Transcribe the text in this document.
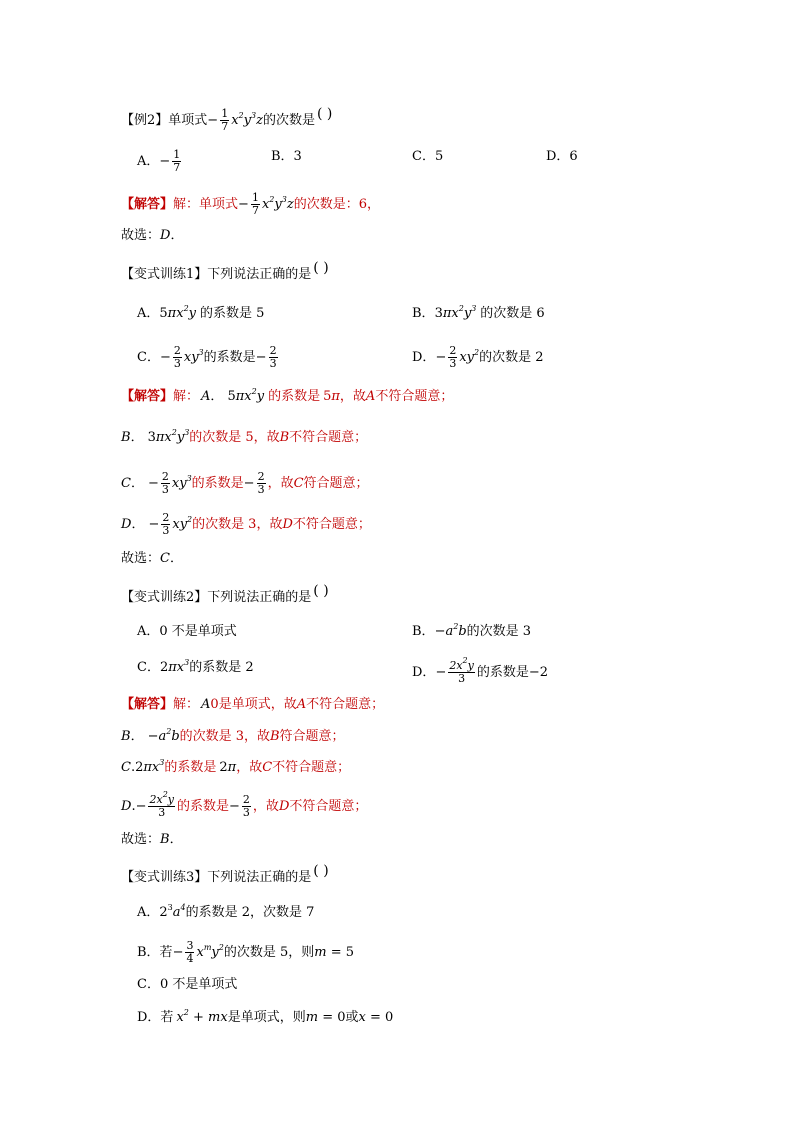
【例2】单项式 − $\frac{1}{7} x^2y^3z$ 的次数是 ( )
A． − $\frac{1}{7}$	B．3	C．5	D．6
【解答】 解：单项式 − $\frac{1}{7} x^2y^3z$ 的次数是：6，
故选： D ．
【变式训练1】下列说法正确的是 ( )
A． $5\pi x^2y$ 的系数是 5	B． $3\pi x^2y^3$ 的次数是 6
C． − $\frac{2}{3} xy^3$ 的系数是 − $\frac{2}{3}$	D． − $\frac{2}{3} xy^2$ 的次数是 2
【解答】 解： A ． $5\pi x^2y$ 的系数是 5π ，故 A 不符合题意；
B ． $3\pi x^2y^3$ 的次数是 5 ，故 B 不符合题意；
C ． − $\frac{2}{3} xy^3$ 的系数是 − $\frac{2}{3}$ ，故 C 符合题意；
D ． − $\frac{2}{3} xy^2$ 的次数是 3 ，故 D 不符合题意；
故选： C ．
【变式训练2】下列说法正确的是 ( )
A．0 不是单项式	B． $-a^2b$ 的次数是 3
C． $2\pi x^3$ 的系数是 2	D． − $\frac{2x^2y}{3}$ 的系数是 −2
【解答】 解： A 0是单项式，故 A 不符合题意；
B ． $-a^2b$ 的次数是 3 ，故 B 符合题意；
C . $2\pi x^3$ 的系数是 2π ，故 C 不符合题意；
D . − $\frac{2x^2y}{3}$ 的系数是 − $\frac{2}{3}$ ，故 D 不符合题意；
故选： B ．
【变式训练3】下列说法正确的是 ( )
A． $2^3a^4$ 的系数是 2，次数是 7
B．若 − $\frac{3}{4} x^my^2$ 的次数是 5，则 m = 5
C．0 不是单项式
D．若 $x^2$ + mx 是单项式，则 m = 0 或 x = 0
